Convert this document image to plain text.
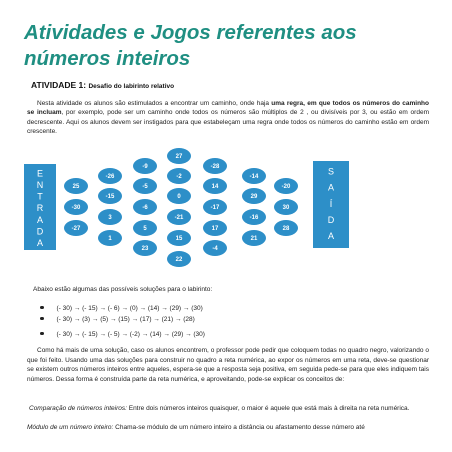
Atividades e Jogos referentes aos números inteiros
ATIVIDADE 1: Desafio do labirinto relativo

Nesta atividade os alunos são estimulados a encontrar um caminho, onde haja uma regra, em que todos os números do caminho se incluam, por exemplo, pode ser um caminho onde todos os números são múltiplos de 2 , ou divisíveis por 3, ou estão em ordem decrescente. Aqui os alunos devem ser instigados para que estabeleçam uma regra onde todos os números do caminho estão em ordem crescente.

E
N
T
R
A
D
A
S
A
Í
D
A
-9
27
-28
-26	-2	-14
25	-5	14	-20
-15	29
-30	-6
0
-17	30
3	-21	-16
-27	5	17	28
1	15	21
23	-4
22
Abaixo estão algumas das possíveis soluções para o labirinto:
(- 30) → (- 15) → (- 6) → (0) → (14) → (29) → (30)
(- 30) → (3) → (5) → (15) → (17) → (21) → (28)
(- 30) → (- 15) → (- 5) → (-2) → (14) → (29) → (30)

Como há mais de uma solução, caso os alunos encontrem, o professor pode pedir que coloquem todas no quadro negro, valorizando o que foi feito. Usando uma das soluções para construir no quadro a reta numérica, ao expor os números em uma reta, deve-se questionar se existem outros números inteiros entre aqueles, espera-se que a resposta seja positiva, em seguida pede-se para que eles indiquem tais números. Dessa forma é construída parte da reta numérica, e aproveitando, pode-se explicar os conceitos de:

Comparação de números inteiros: Entre dois números inteiros quaisquer, o maior é aquele que está mais à direita na reta numérica.

Módulo de um número inteiro: Chama-se módulo de um número inteiro a distância ou afastamento desse número até
